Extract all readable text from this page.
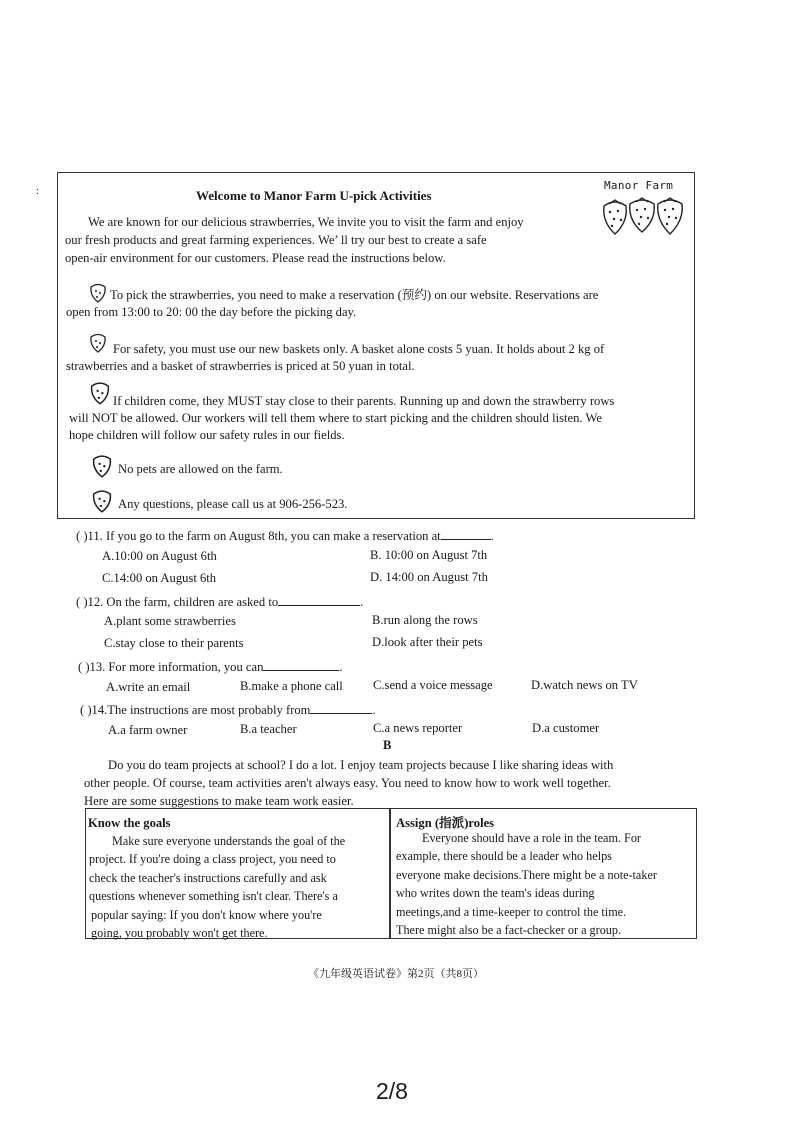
:	Manor Farm
Welcome to Manor Farm U-pick Activities
We are known for our delicious strawberries, We invite you to visit the farm and enjoy
our fresh products and great farming experiences. We’ ll try our best to create a safe
open-air environment for our customers. Please read the instructions below.
To pick the strawberries, you need to make a reservation (预约) on our website. Reservations are
open from 13:00 to 20: 00 the day before the picking day.
For safety, you must use our new baskets only. A basket alone costs 5 yuan. It holds about 2 kg of
strawberries and a basket of strawberries is priced at 50 yuan in total.
If children come, they MUST stay close to their parents. Running up and down the strawberry rows
will NOT be allowed. Our workers will tell them where to start picking and the children should listen. We
hope children will follow our safety rules in our fields.
No pets are allowed on the farm.
Any questions, please call us at 906-256-523.
( )11. If you go to the farm on August 8th, you can make a reservation at	.
A.10:00 on August 6th	B. 10:00 on August 7th
C.14:00 on August 6th	D. 14:00 on August 7th
( )12. On the farm, children are asked to	.
A.plant some strawberries	B.run along the rows
C.stay close to their parents	D.look after their pets
( )13. For more information, you can	.
A.write an email	B.make a phone call C.send a voice message	D.watch news on TV
( )14.The instructions are most probably from	.
A.a farm owner	B.a teacher	C.a news reporter	D.a customer
B
Do you do team projects at school? I do a lot. I enjoy team projects because I like sharing ideas with
other people. Of course, team activities aren't always easy. You need to know how to work well together.
Here are some suggestions to make team work easier.
Know the goals
Make sure everyone understands the goal of the
project. If you're doing a class project, you need to
check the teacher's instructions carefully and ask
questions whenever something isn't clear. There's a
popular saying: If you don't know where you're
going, you probably won't get there.
Assign (指派)roles
Everyone should have a role in the team. For
example, there should be a leader who helps
everyone make decisions.There might be a note-taker
who writes down the team's ideas during
meetings,and a time-keeper to control the time.
There might also be a fact-checker or a group.
《九年级英语试卷》第2页（共8页）
2/8
